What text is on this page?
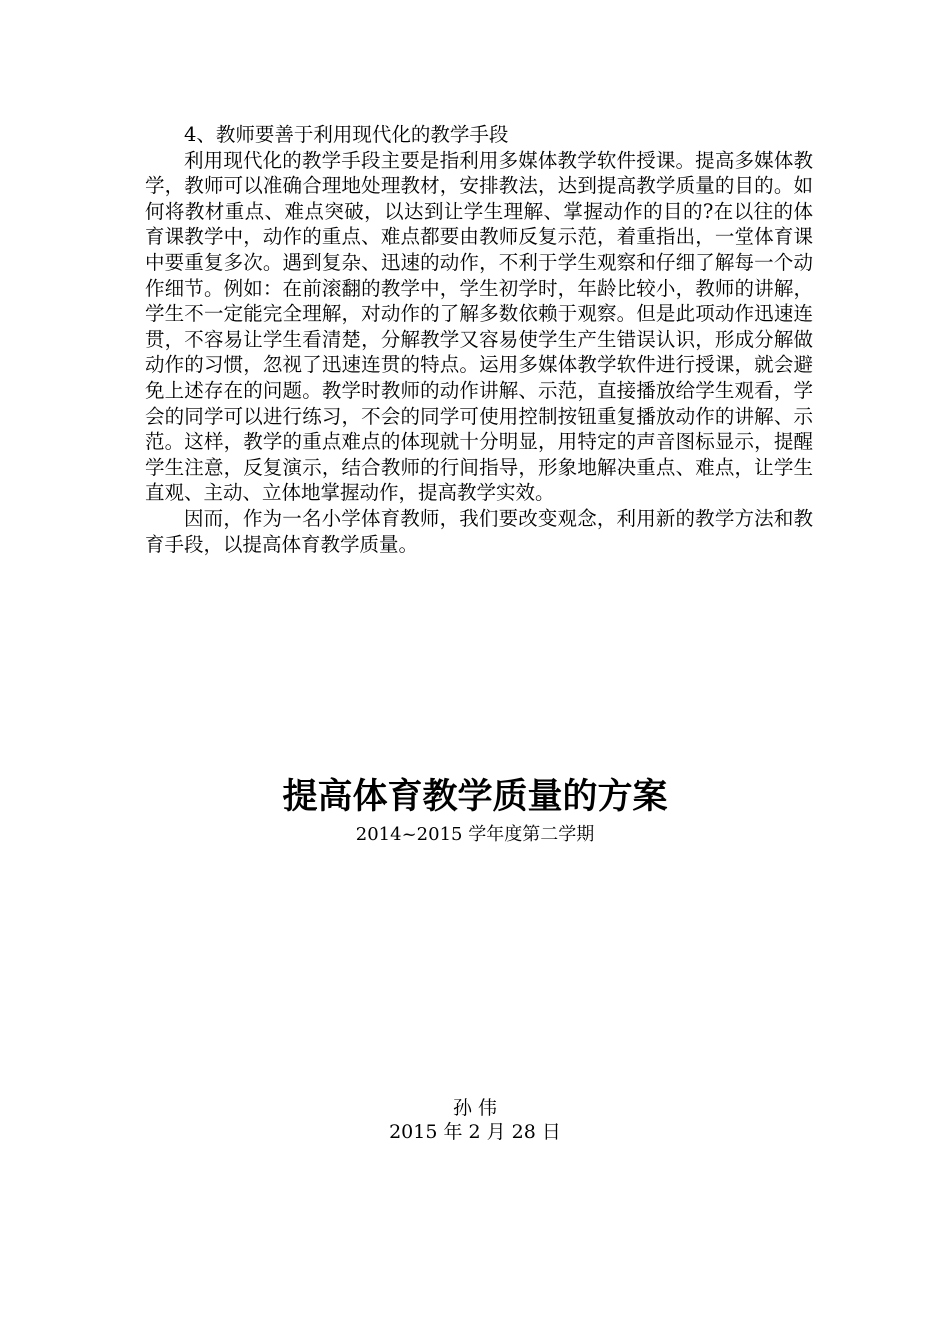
4、教师要善于利用现代化的教学手段

利用现代化的教学手段主要是指利用多媒体教学软件授课。提高多媒体教学，教师可以准确合理地处理教材，安排教法，达到提高教学质量的目的。如何将教材重点、难点突破，以达到让学生理解、掌握动作的目的?在以往的体育课教学中，动作的重点、难点都要由教师反复示范，着重指出，一堂体育课中要重复多次。遇到复杂、迅速的动作，不利于学生观察和仔细了解每一个动作细节。例如：在前滚翻的教学中，学生初学时，年龄比较小，教师的讲解，学生不一定能完全理解，对动作的了解多数依赖于观察。但是此项动作迅速连贯，不容易让学生看清楚，分解教学又容易使学生产生错误认识，形成分解做动作的习惯，忽视了迅速连贯的特点。运用多媒体教学软件进行授课，就会避免上述存在的问题。教学时教师的动作讲解、示范，直接播放给学生观看，学会的同学可以进行练习，不会的同学可使用控制按钮重复播放动作的讲解、示范。这样，教学的重点难点的体现就十分明显，用特定的声音图标显示，提醒学生注意，反复演示，结合教师的行间指导，形象地解决重点、难点，让学生直观、主动、立体地掌握动作，提高教学实效。

因而，作为一名小学体育教师，我们要改变观念，利用新的教学方法和教育手段，以提高体育教学质量。

提高体育教学质量的方案
2014~2015 学年度第二学期
孙 伟
2015 年 2 月 28 日
